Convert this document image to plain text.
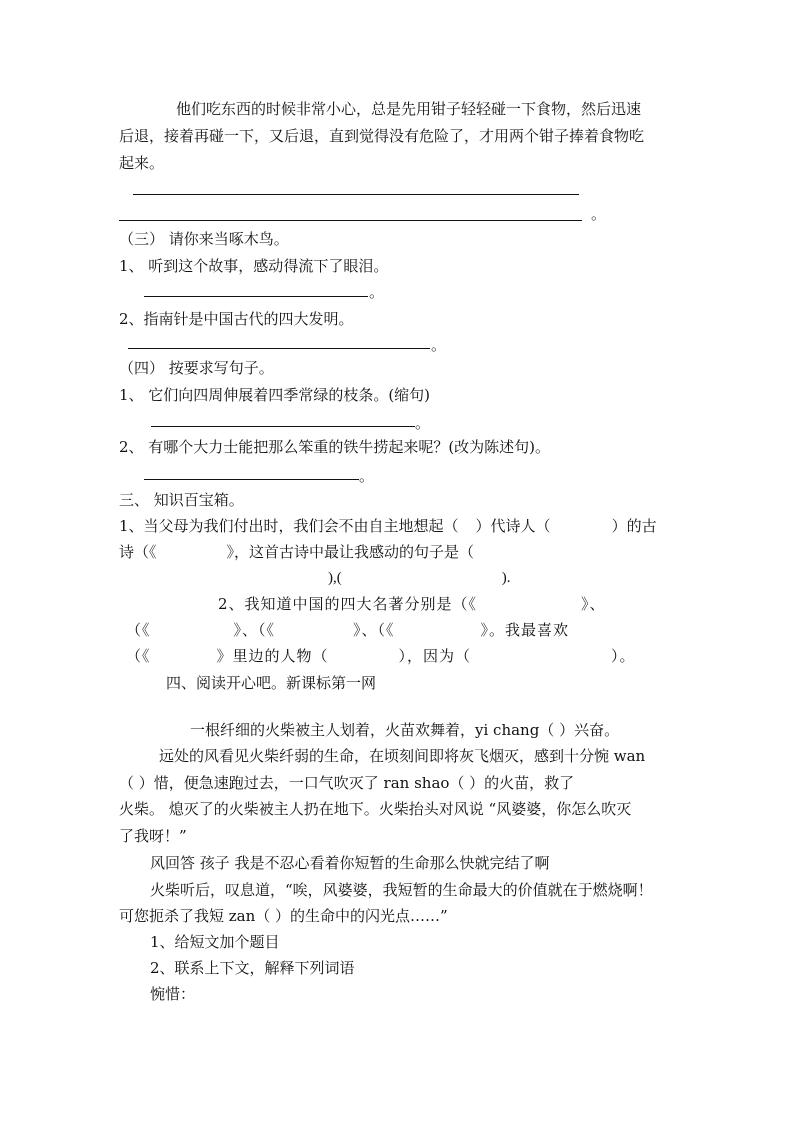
他们吃东西的时候非常小心，总是先用钳子轻轻碰一下食物，然后迅速
后退，接着再碰一下，又后退，直到觉得没有危险了，才用两个钳子捧着食物吃
起来。
。
（三） 请你来当啄木鸟。
1、 听到这个故事，感动得流下了眼泪。
。
2、指南针是中国古代的四大发明。
。
（四） 按要求写句子。
1、 它们向四周伸展着四季常绿的枝条。(缩句)
。
2、 有哪个大力士能把那么笨重的铁牛捞起来呢？(改为陈述句)。
。
三、 知识百宝箱。
1、当父母为我们付出时，我们会不由自主地想起（ ）代诗人（	）的古
诗（《	》，这首古诗中最让我感动的句子是（
),(	).
2、我知道中国的四大名著分别是（《	》、
（《	》、（《	》、（《	》。我最喜欢
（《	》里边的人物（	），因为（	）。
四、阅读开心吧。新课标第一网
一根纤细的火柴被主人划着，火苗欢舞着，yi chang（ ）兴奋。
远处的风看见火柴纤弱的生命，在顷刻间即将灰飞烟灭，感到十分惋 wan
（ ）惜，便急速跑过去，一口气吹灭了 ran shao（ ）的火苗，救了
火柴。 熄灭了的火柴被主人扔在地下。火柴抬头对风说 “风婆婆，你怎么吹灭
了我呀！”
风回答 孩子 我是不忍心看着你短暂的生命那么快就完结了啊
火柴听后，叹息道，“唉，风婆婆，我短暂的生命最大的价值就在于燃烧啊！
可您扼杀了我短 zan（ ）的生命中的闪光点……”
1、给短文加个题目
2、联系上下文，解释下列词语
惋惜：
